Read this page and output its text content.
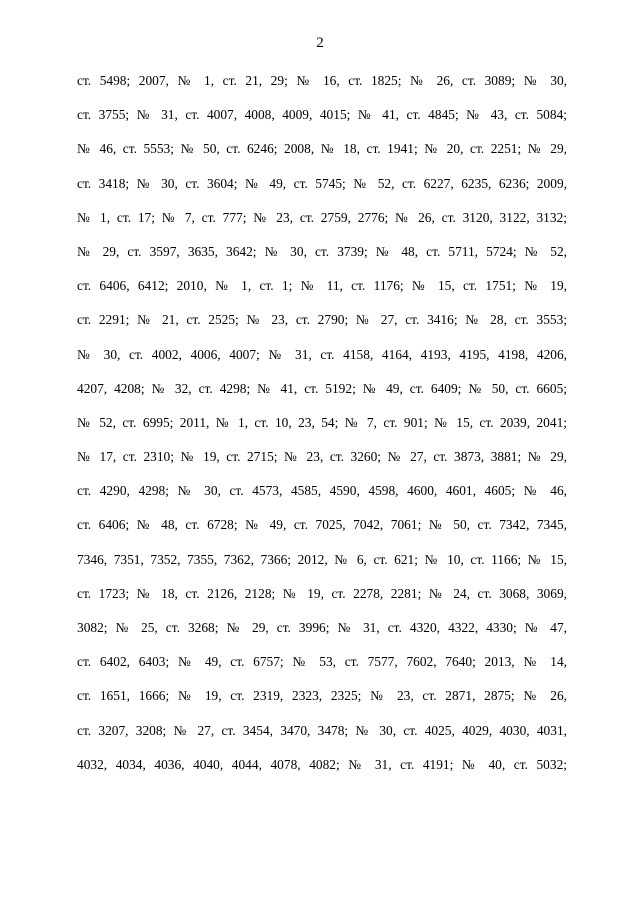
2
ст. 5498; 2007, № 1, ст. 21, 29; № 16, ст. 1825; № 26, ст. 3089; № 30,
ст. 3755; № 31, ст. 4007, 4008, 4009, 4015; № 41, ст. 4845; № 43, ст. 5084;
№ 46, ст. 5553; № 50, ст. 6246; 2008, № 18, ст. 1941; № 20, ст. 2251; № 29,
ст. 3418; № 30, ст. 3604; № 49, ст. 5745; № 52, ст. 6227, 6235, 6236; 2009,
№ 1, ст. 17; № 7, ст. 777; № 23, ст. 2759, 2776; № 26, ст. 3120, 3122, 3132;
№ 29, ст. 3597, 3635, 3642; № 30, ст. 3739; № 48, ст. 5711, 5724; № 52,
ст. 6406, 6412; 2010, № 1, ст. 1; № 11, ст. 1176; № 15, ст. 1751; № 19,
ст. 2291; № 21, ст. 2525; № 23, ст. 2790; № 27, ст. 3416; № 28, ст. 3553;
№ 30, ст. 4002, 4006, 4007; № 31, ст. 4158, 4164, 4193, 4195, 4198, 4206,
4207, 4208; № 32, ст. 4298; № 41, ст. 5192; № 49, ст. 6409; № 50, ст. 6605;
№ 52, ст. 6995; 2011, № 1, ст. 10, 23, 54; № 7, ст. 901; № 15, ст. 2039, 2041;
№ 17, ст. 2310; № 19, ст. 2715; № 23, ст. 3260; № 27, ст. 3873, 3881; № 29,
ст. 4290, 4298; № 30, ст. 4573, 4585, 4590, 4598, 4600, 4601, 4605; № 46,
ст. 6406; № 48, ст. 6728; № 49, ст. 7025, 7042, 7061; № 50, ст. 7342, 7345,
7346, 7351, 7352, 7355, 7362, 7366; 2012, № 6, ст. 621; № 10, ст. 1166; № 15,
ст. 1723; № 18, ст. 2126, 2128; № 19, ст. 2278, 2281; № 24, ст. 3068, 3069,
3082; № 25, ст. 3268; № 29, ст. 3996; № 31, ст. 4320, 4322, 4330; № 47,
ст. 6402, 6403; № 49, ст. 6757; № 53, ст. 7577, 7602, 7640; 2013, № 14,
ст. 1651, 1666; № 19, ст. 2319, 2323, 2325; № 23, ст. 2871, 2875; № 26,
ст. 3207, 3208; № 27, ст. 3454, 3470, 3478; № 30, ст. 4025, 4029, 4030, 4031,
4032, 4034, 4036, 4040, 4044, 4078, 4082; № 31, ст. 4191; № 40, ст. 5032;
